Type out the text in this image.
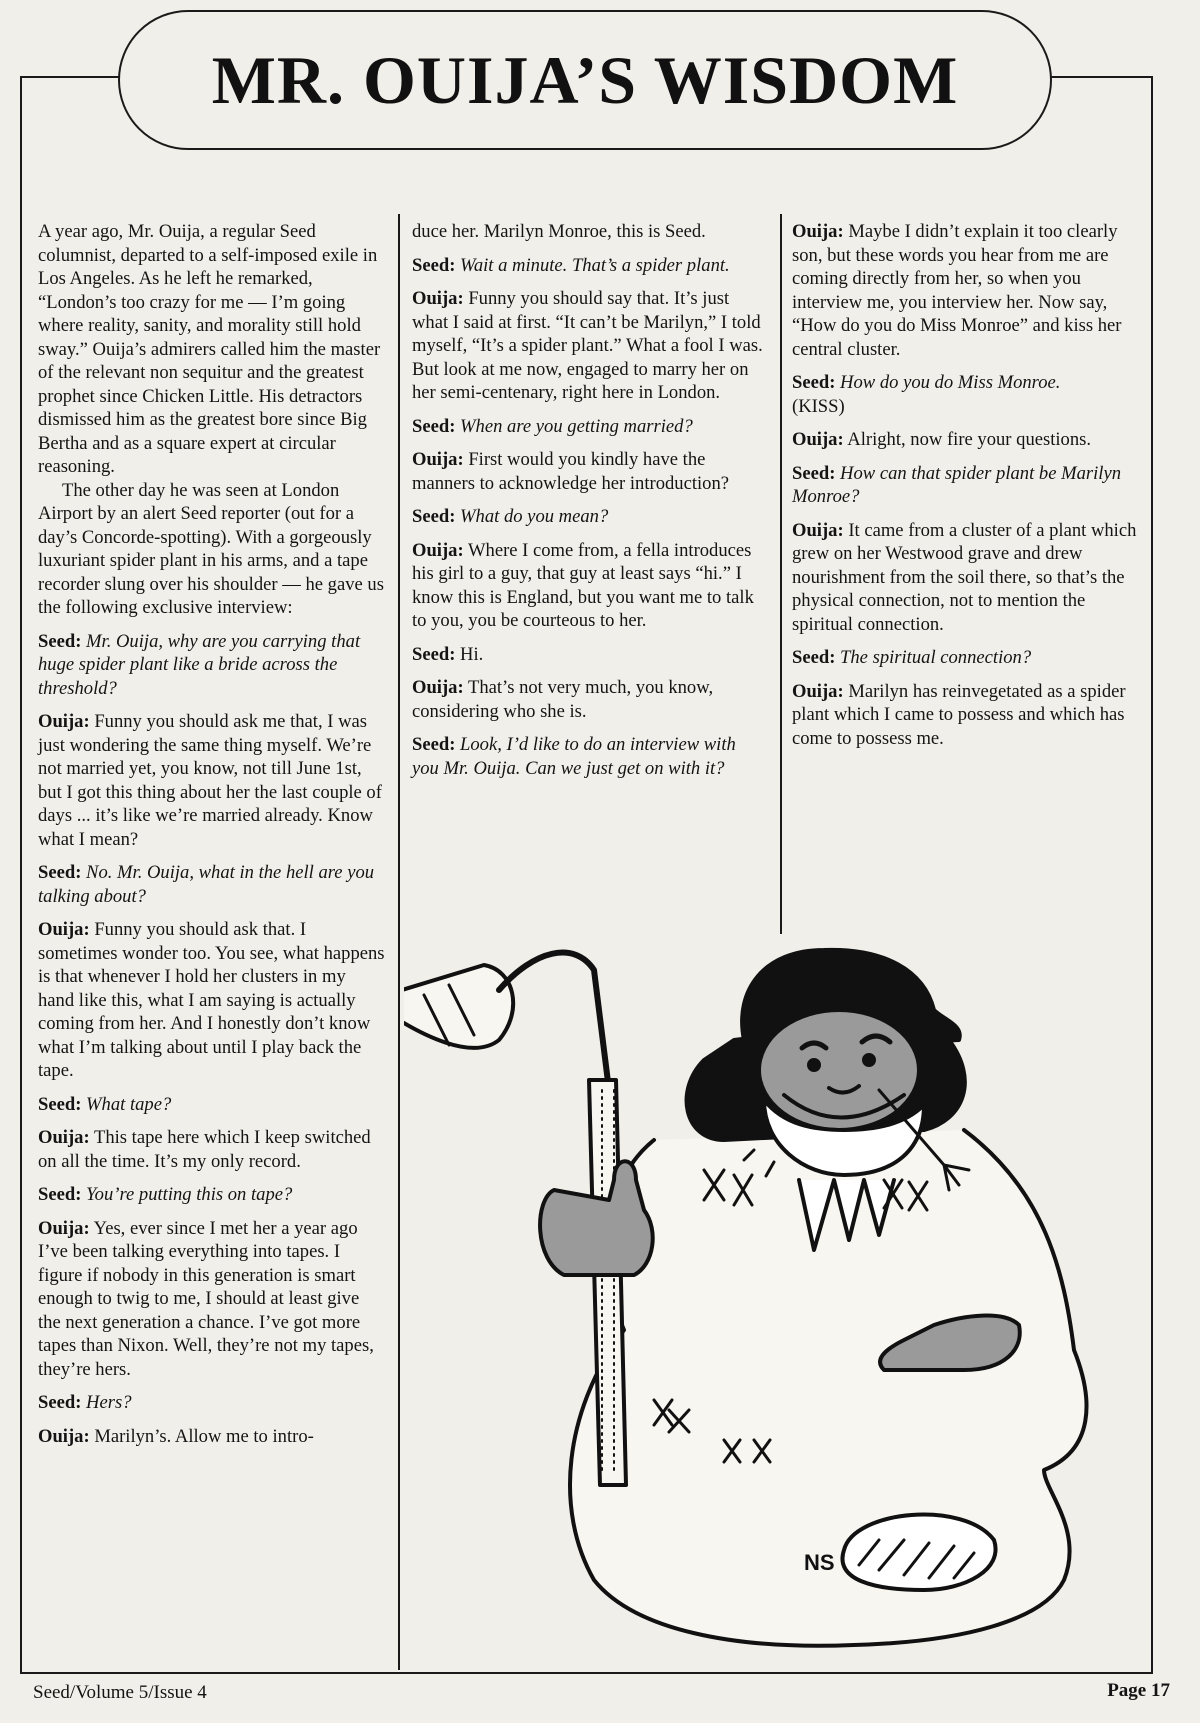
MR. OUIJA’S WISDOM

A year ago, Mr. Ouija, a regular Seed columnist, departed to a self-imposed exile in Los Angeles. As he left he remarked, “London’s too crazy for me — I’m going where reality, sanity, and morality still hold sway.” Ouija’s admirers called him the master of the relevant non sequitur and the greatest prophet since Chicken Little. His detractors dismissed him as the greatest bore since Big Bertha and as a square expert at circular reasoning.

The other day he was seen at London Airport by an alert Seed reporter (out for a day’s Concorde-spotting). With a gorgeously luxuriant spider plant in his arms, and a tape recorder slung over his shoulder — he gave us the following exclusive interview:

Seed: Mr. Ouija, why are you carrying that huge spider plant like a bride across the threshold?

Ouija: Funny you should ask me that, I was just wondering the same thing myself. We’re not married yet, you know, not till June 1st, but I got this thing about her the last couple of days ... it’s like we’re married already. Know what I mean?

Seed: No. Mr. Ouija, what in the hell are you talking about?

Ouija: Funny you should ask that. I sometimes wonder too. You see, what happens is that whenever I hold her clusters in my hand like this, what I am saying is actually coming from her. And I honestly don’t know what I’m talking about until I play back the tape.

Seed: What tape?

Ouija: This tape here which I keep switched on all the time. It’s my only record.

Seed: You’re putting this on tape?

Ouija: Yes, ever since I met her a year ago I’ve been talking everything into tapes. I figure if nobody in this generation is smart enough to twig to me, I should at least give the next generation a chance. I’ve got more tapes than Nixon. Well, they’re not my tapes, they’re hers.

Seed: Hers?

Ouija: Marilyn’s. Allow me to intro-

duce her. Marilyn Monroe, this is Seed.

Seed: Wait a minute. That’s a spider plant.

Ouija: Funny you should say that. It’s just what I said at first. “It can’t be Marilyn,” I told myself, “It’s a spider plant.” What a fool I was. But look at me now, engaged to marry her on her semi-centenary, right here in London.

Seed: When are you getting married?

Ouija: First would you kindly have the manners to acknowledge her introduction?

Seed: What do you mean?

Ouija: Where I come from, a fella introduces his girl to a guy, that guy at least says “hi.” I know this is England, but you want me to talk to you, you be courteous to her.

Seed: Hi.

Ouija: That’s not very much, you know, considering who she is.

Seed: Look, I’d like to do an interview with you Mr. Ouija. Can we just get on with it?

Ouija: Maybe I didn’t explain it too clearly son, but these words you hear from me are coming directly from her, so when you interview me, you interview her. Now say, “How do you do Miss Monroe” and kiss her central cluster.

Seed: How do you do Miss Monroe.
(KISS)

Ouija: Alright, now fire your questions.

Seed: How can that spider plant be Marilyn Monroe?

Ouija: It came from a cluster of a plant which grew on her Westwood grave and drew nourishment from the soil there, so that’s the physical connection, not to mention the spiritual connection.

Seed: The spiritual connection?

Ouija: Marilyn has reinvegetated as a spider plant which I came to possess and which has come to possess me.

NS
Seed/Volume 5/Issue 4	Page 17
